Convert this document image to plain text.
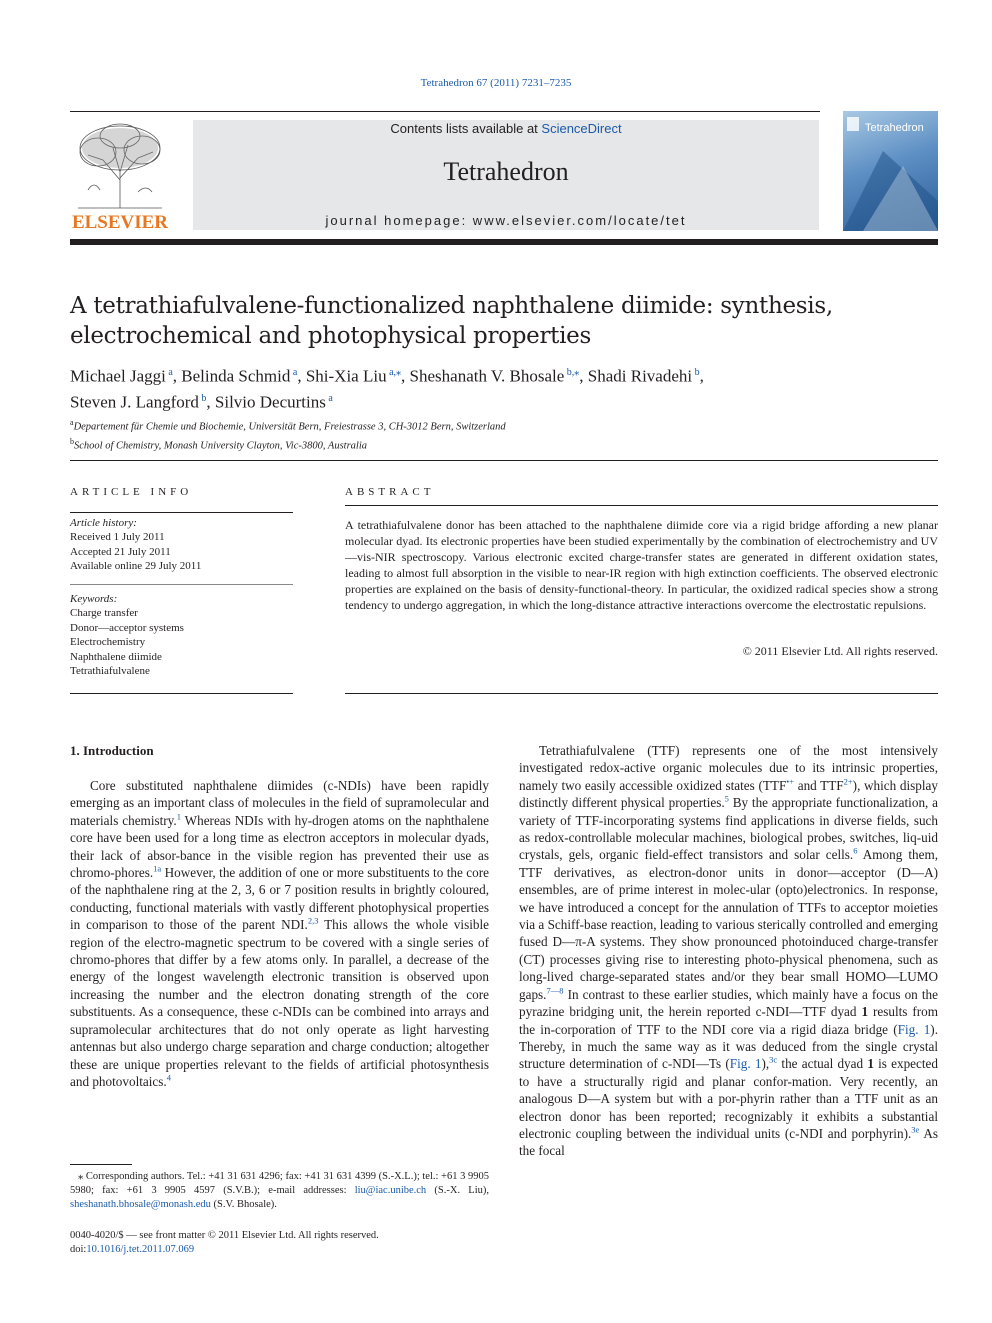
Tetrahedron 67 (2011) 7231–7235
ELSEVIER
Contents lists available at ScienceDirect
Tetrahedron
journal homepage: www.elsevier.com/locate/tet
Tetrahedron
A tetrathiafulvalene-functionalized naphthalene diimide: synthesis, electrochemical and photophysical properties
Michael Jaggi $^a$, Belinda Schmid $^a$, Shi-Xia Liu $^{a,⁎}$, Sheshanath V. Bhosale $^{b,⁎}$, Shadi Rivadehi $^b$,
Steven J. Langford $^b$, Silvio Decurtins $^a$
$^a$Departement für Chemie und Biochemie, Universität Bern, Freiestrasse 3, CH-3012 Bern, Switzerland
$^b$School of Chemistry, Monash University Clayton, Vic-3800, Australia
ARTICLE INFO	ABSTRACT
Article history:
Received 1 July 2011
Accepted 21 July 2011
Available online 29 July 2011
Keywords:
Charge transfer
Donor—acceptor systems
Electrochemistry
Naphthalene diimide
Tetrathiafulvalene
A tetrathiafulvalene donor has been attached to the naphthalene diimide core via a rigid bridge affording a new planar molecular dyad. Its electronic properties have been studied experimentally by the combination of electrochemistry and UV—vis-NIR spectroscopy. Various electronic excited charge-transfer states are generated in different oxidation states, leading to almost full absorption in the visible to near-IR region with high extinction coefficients. The observed electronic properties are explained on the basis of density-functional-theory. In particular, the oxidized radical species show a strong tendency to undergo aggregation, in which the long-distance attractive interactions overcome the electrostatic repulsions.
© 2011 Elsevier Ltd. All rights reserved.
1. Introduction

Core substituted naphthalene diimides (c-NDIs) have been rapidly emerging as an important class of molecules in the field of supramolecular and materials chemistry.$^1$ Whereas NDIs with hy-drogen atoms on the naphthalene core have been used for a long time as electron acceptors in molecular dyads, their lack of absor-bance in the visible region has prevented their use as chromo-phores.$^{1a}$ However, the addition of one or more substituents to the core of the naphthalene ring at the 2, 3, 6 or 7 position results in brightly coloured, conducting, functional materials with vastly different photophysical properties in comparison to those of the parent NDI.$^{2,3}$ This allows the whole visible region of the electro-magnetic spectrum to be covered with a single series of chromo-phores that differ by a few atoms only. In parallel, a decrease of the energy of the longest wavelength electronic transition is observed upon increasing the number and the electron donating strength of the core substituents. As a consequence, these c-NDIs can be combined into arrays and supramolecular architectures that do not only operate as light harvesting antennas but also undergo charge separation and charge conduction; altogether these are unique properties relevant to the fields of artificial photosynthesis and photovoltaics.$^4$

Tetrathiafulvalene (TTF) represents one of the most intensively investigated redox-active organic molecules due to its intrinsic properties, namely two easily accessible oxidized states (TTF•+ and $TTF^{2+}$), which display distinctly different physical properties.$^5$ By the appropriate functionalization, a variety of TTF-incorporating systems find applications in diverse fields, such as redox-controllable molecular machines, biological probes, switches, liq-uid crystals, gels, organic field-effect transistors and solar cells.$^6$ Among them, TTF derivatives, as electron-donor units in donor—acceptor (D—A) ensembles, are of prime interest in molec-ular (opto)electronics. In response, we have introduced a concept for the annulation of TTFs to acceptor moieties via a Schiff-base reaction, leading to various sterically controlled and emerging fused D—π-A systems. They show pronounced photoinduced charge-transfer (CT) processes giving rise to interesting photo-physical phenomena, such as long-lived charge-separated states and/or they bear small HOMO—LUMO gaps.$^{7—8}$ In contrast to these earlier studies, which mainly have a focus on the pyrazine bridging unit, the herein reported c-NDI—TTF dyad 1 results from the in-corporation of TTF to the NDI core via a rigid diaza bridge (Fig. 1). Thereby, in much the same way as it was deduced from the single crystal structure determination of c-NDI—Ts (Fig. 1),$^{3c}$ the actual dyad 1 is expected to have a structurally rigid and planar confor-mation. Very recently, an analogous D—A system but with a por-phyrin rather than a TTF unit as an electron donor has been reported; recognizably it exhibits a substantial electronic coupling between the individual units (c-NDI and porphyrin).$^{3e}$ As the focal

⁎ Corresponding authors. Tel.: +41 31 631 4296; fax: +41 31 631 4399 (S.-X.L.); tel.: +61 3 9905 5980; fax: +61 3 9905 4597 (S.V.B.); e-mail addresses: liu@iac.unibe.ch (S.-X. Liu), sheshanath.bhosale@monash.edu (S.V. Bhosale).
0040-4020/$ — see front matter © 2011 Elsevier Ltd. All rights reserved.
doi:10.1016/j.tet.2011.07.069
